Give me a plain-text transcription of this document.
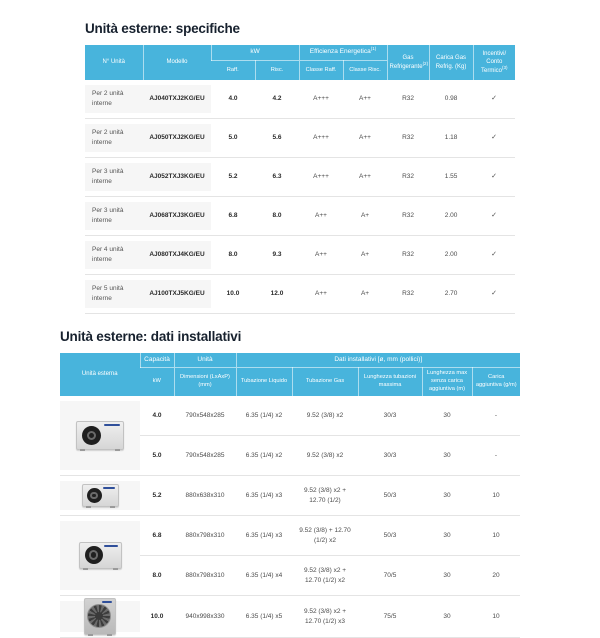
Unità esterne: specifiche
N° Unità	Modello	kW		Efficienza Energetica$^{(1)}$		Gas Refrigerante$^{(2)}$	Carica Gas Refrig. (Kg)	Incentivi/ Conto Termico$^{(3)}$
		Raff.	Risc.	Classe Raff.	Classe Risc.			
Per 2 unità interne	AJ040TXJ2KG/EU	4.0	4.2	A+++	A++	R32	0.98	✓
Per 2 unità interne	AJ050TXJ2KG/EU	5.0	5.6	A+++	A++	R32	1.18	✓
Per 3 unità interne	AJ052TXJ3KG/EU	5.2	6.3	A+++	A++	R32	1.55	✓
Per 3 unità interne	AJ068TXJ3KG/EU	6.8	8.0	A++	A+	R32	2.00	✓
Per 4 unità interne	AJ080TXJ4KG/EU	8.0	9.3	A++	A+	R32	2.00	✓
Per 5 unità interne	AJ100TXJ5KG/EU	10.0	12.0	A++	A+	R32	2.70	✓
Unità esterne: dati installativi
Unità esterna	Capacità	Unità	Dati installativi [ø, mm (pollici)]				
	kW	Dimensioni (LxAxP) (mm)	Tubazione Liquido	Tubazione Gas	Lunghezza tubazioni massima	Lunghezza max senza carica aggiuntiva (m)	Carica aggiuntiva (g/m)

	4.0	790x548x285	6.35 (1/4) x2	9.52 (3/8) x2	30/3	30	-
	5.0	790x548x285	6.35 (1/4) x2	9.52 (3/8) x2	30/3	30	-

	5.2	880x638x310	6.35 (1/4) x3	9.52 (3/8) x2 + 12.70 (1/2)	50/3	30	10

	6.8	880x798x310	6.35 (1/4) x3	9.52 (3/8) + 12.70 (1/2) x2	50/3	30	10
	8.0	880x798x310	6.35 (1/4) x4	9.52 (3/8) x2 + 12.70 (1/2) x2	70/5	30	20

	10.0	940x998x330	6.35 (1/4) x5	9.52 (3/8) x2 + 12.70 (1/2) x3	75/5	30	10
